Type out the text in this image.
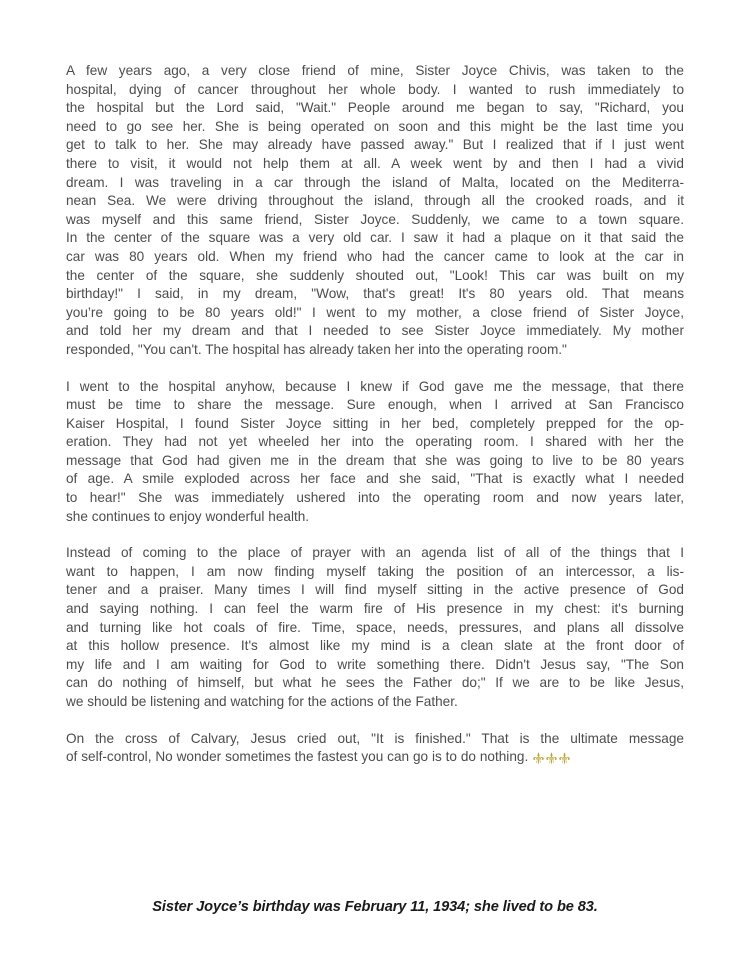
A few years ago, a very close friend of mine, Sister Joyce Chivis, was taken to the
hospital, dying of cancer throughout her whole body. I wanted to rush immediately to
the hospital but the Lord said, "Wait." People around me began to say, "Richard, you
need to go see her. She is being operated on soon and this might be the last time you
get to talk to her. She may already have passed away." But I realized that if I just went
there to visit, it would not help them at all. A week went by and then I had a vivid
dream. I was traveling in a car through the island of Malta, located on the Mediterra-
nean Sea. We were driving throughout the island, through all the crooked roads, and it
was myself and this same friend, Sister Joyce. Suddenly, we came to a town square.
In the center of the square was a very old car. I saw it had a plaque on it that said the
car was 80 years old. When my friend who had the cancer came to look at the car in
the center of the square, she suddenly shouted out, "Look! This car was built on my
birthday!" I said, in my dream, "Wow, that's great! It's 80 years old. That means
you’re going to be 80 years old!" I went to my mother, a close friend of Sister Joyce,
and told her my dream and that I needed to see Sister Joyce immediately. My mother
responded, "You can't. The hospital has already taken her into the operating room."

I went to the hospital anyhow, because I knew if God gave me the message, that there
must be time to share the message. Sure enough, when I arrived at San Francisco
Kaiser Hospital, I found Sister Joyce sitting in her bed, completely prepped for the op-
eration. They had not yet wheeled her into the operating room. I shared with her the
message that God had given me in the dream that she was going to live to be 80 years
of age. A smile exploded across her face and she said, "That is exactly what I needed
to hear!" She was immediately ushered into the operating room and now years later,
she continues to enjoy wonderful health.

Instead of coming to the place of prayer with an agenda list of all of the things that I
want to happen, I am now finding myself taking the position of an intercessor, a lis-
tener and a praiser. Many times I will find myself sitting in the active presence of God
and saying nothing. I can feel the warm fire of His presence in my chest: it's burning
and turning like hot coals of fire. Time, space, needs, pressures, and plans all dissolve
at this hollow presence. It's almost like my mind is a clean slate at the front door of
my life and I am waiting for God to write something there. Didn't Jesus say, "The Son
can do nothing of himself, but what he sees the Father do;" If we are to be like Jesus,
we should be listening and watching for the actions of the Father.

On the cross of Calvary, Jesus cried out, "It is finished." That is the ultimate message
of self-control, No wonder sometimes the fastest you can go is to do nothing.

Sister Joyce’s birthday was February 11, 1934; she lived to be 83.
